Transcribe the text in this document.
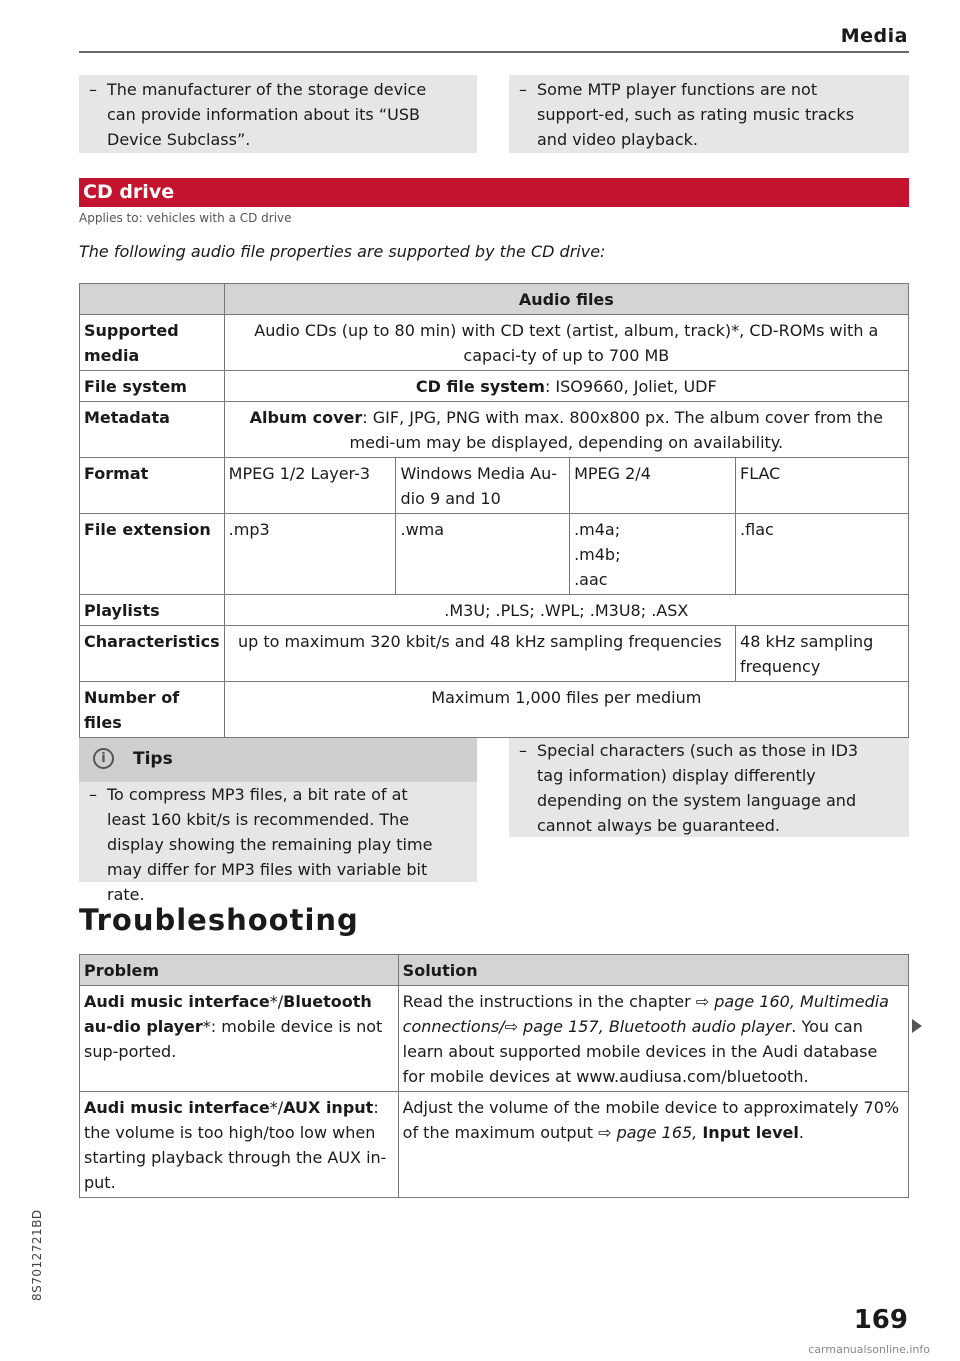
Media

– The manufacturer of the storage device can provide information about its “USB Device Subclass”.

– Some MTP player functions are not support-ed, such as rating music tracks and video playback.

CD drive
Applies to: vehicles with a CD drive
The following audio file properties are supported by the CD drive:
	Audio files			
Supported media	Audio CDs (up to 80 min) with CD text (artist, album, track)*, CD-ROMs with a capaci-ty of up to 700 MB			
File system	CD file system: ISO9660, Joliet, UDF			
Metadata	Album cover: GIF, JPG, PNG with max. 800x800 px. The album cover from the medi-um may be displayed, depending on availability.			
Format	MPEG 1/2 Layer-3	Windows Media Au-dio 9 and 10	MPEG 2/4	FLAC
File extension	.mp3	.wma	.m4a;
.m4b;
.aac	.flac
Playlists	.M3U; .PLS; .WPL; .M3U8; .ASX			
Characteristics	up to maximum 320 kbit/s and 48 kHz sampling frequencies			48 kHz sampling frequency
Number of files	Maximum 1,000 files per medium			
i	Tips

– To compress MP3 files, a bit rate of at least 160 kbit/s is recommended. The display showing the remaining play time may differ for MP3 files with variable bit rate.

– Special characters (such as those in ID3 tag information) display differently depending on the system language and cannot always be guaranteed.

Troubleshooting
Problem	Solution
Audi music interface*/Bluetooth au-dio player*: mobile device is not sup-ported.	Read the instructions in the chapter ⇨ page 160, Multimedia connections/⇨ page 157, Bluetooth audio player. You can learn about supported mobile devices in the Audi database for mobile devices at www.audiusa.com/bluetooth.
Audi music interface*/AUX input: the volume is too high/too low when starting playback through the AUX in-put.	Adjust the volume of the mobile device to approximately 70% of the maximum output ⇨ page 165, Input level.
8S7012721BD
169
carmanualsonline.info
